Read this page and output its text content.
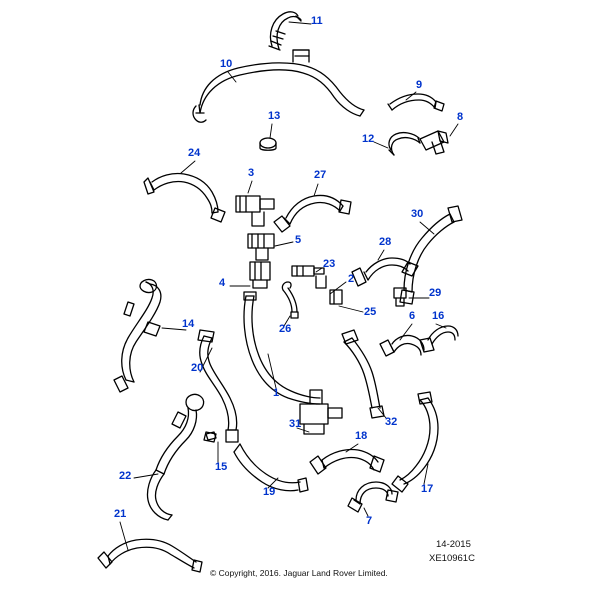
11
10
9
8
12
13
24
3	27
30
5	28
23
2
4
29
25
26
14
6 16
20
1
32
31
18
15
22
19	17
7
21
14-2015
XE10961C
© Copyright, 2016. Jaguar Land Rover Limited.
